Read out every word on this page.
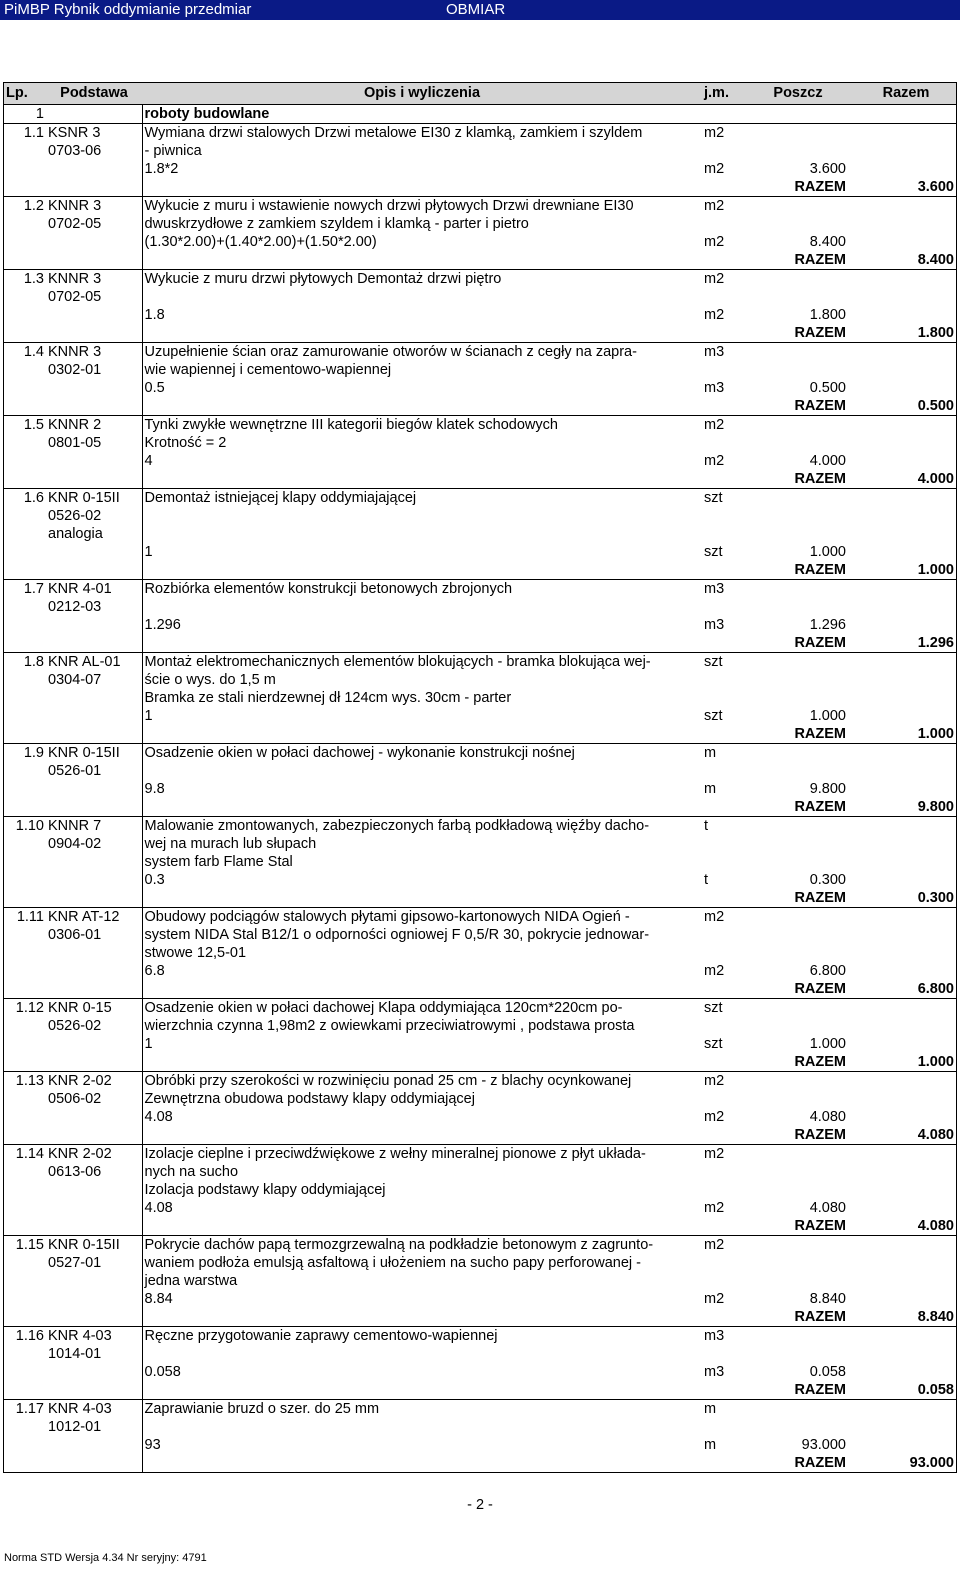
PiMBP Rybnik oddymianie przedmiar	OBMIAR
Lp.	Podstawa	Opis i wyliczenia	j.m.	Poszcz		Razem
1		roboty budowlane				
1.1	KSNR 3	Wymiana drzwi stalowych Drzwi metalowe EI30 z klamką, zamkiem i szyldem	m2			
	0703-06	- piwnica				
		1.8*2	m2	3.600		
				RAZEM		3.600
1.2	KNNR 3	Wykucie z muru i wstawienie nowych drzwi płytowych Drzwi drewniane EI30	m2			
	0702-05	dwuskrzydłowe z zamkiem szyldem i klamką - parter i pietro				
		(1.30*2.00)+(1.40*2.00)+(1.50*2.00)	m2	8.400		
				RAZEM		8.400
1.3	KNNR 3	Wykucie z muru drzwi płytowych Demontaż drzwi piętro	m2			
	0702-05					
		1.8	m2	1.800		
				RAZEM		1.800
1.4	KNNR 3	Uzupełnienie ścian oraz zamurowanie otworów w ścianach z cegły na zapra-	m3			
	0302-01	wie wapiennej i cementowo-wapiennej				
		0.5	m3	0.500		
				RAZEM		0.500
1.5	KNNR 2	Tynki zwykłe wewnętrzne III kategorii biegów klatek schodowych	m2			
	0801-05	Krotność = 2				
		4	m2	4.000		
				RAZEM		4.000
1.6	KNR 0-15II	Demontaż istniejącej klapy oddymiajającej	szt			
	0526-02					
	analogia					
		1	szt	1.000		
				RAZEM		1.000
1.7	KNR 4-01	Rozbiórka elementów konstrukcji betonowych zbrojonych	m3			
	0212-03					
		1.296	m3	1.296		
				RAZEM		1.296
1.8	KNR AL-01	Montaż elektromechanicznych elementów blokujących - bramka blokująca wej-	szt			
	0304-07	ście o wys. do 1,5 m				
		Bramka ze stali nierdzewnej dł 124cm wys. 30cm - parter				
		1	szt	1.000		
				RAZEM		1.000
1.9	KNR 0-15II	Osadzenie okien w połaci dachowej - wykonanie konstrukcji nośnej	m			
	0526-01					
		9.8	m	9.800		
				RAZEM		9.800
1.10	KNNR 7	Malowanie zmontowanych, zabezpieczonych farbą podkładową więźby dacho-	t			
	0904-02	wej na murach lub słupach				
		system farb Flame Stal				
		0.3	t	0.300		
				RAZEM		0.300
1.11	KNR AT-12	Obudowy podciągów stalowych płytami gipsowo-kartonowych NIDA Ogień -	m2			
	0306-01	system NIDA Stal B12/1 o odporności ogniowej F 0,5/R 30, pokrycie jednowar-				
		stwowe 12,5-01				
		6.8	m2	6.800		
				RAZEM		6.800
1.12	KNR 0-15	Osadzenie okien w połaci dachowej Klapa oddymiająca 120cm*220cm po-	szt			
	0526-02	wierzchnia czynna 1,98m2 z owiewkami przeciwiatrowymi , podstawa prosta				
		1	szt	1.000		
				RAZEM		1.000
1.13	KNR 2-02	Obróbki przy szerokości w rozwinięciu ponad 25 cm - z blachy ocynkowanej	m2			
	0506-02	Zewnętrzna obudowa podstawy klapy oddymiającej				
		4.08	m2	4.080		
				RAZEM		4.080
1.14	KNR 2-02	Izolacje cieplne i przeciwdźwiękowe z wełny mineralnej pionowe z płyt układa-	m2			
	0613-06	nych na sucho				
		Izolacja podstawy klapy oddymiającej				
		4.08	m2	4.080		
				RAZEM		4.080
1.15	KNR 0-15II	Pokrycie dachów papą termozgrzewalną na podkładzie betonowym z zagrunto-	m2			
	0527-01	waniem podłoża emulsją asfaltową i ułożeniem na sucho papy perforowanej -				
		jedna warstwa				
		8.84	m2	8.840		
				RAZEM		8.840
1.16	KNR 4-03	Ręczne przygotowanie zaprawy cementowo-wapiennej	m3			
	1014-01					
		0.058	m3	0.058		
				RAZEM		0.058
1.17	KNR 4-03	Zaprawianie bruzd o szer. do 25 mm	m			
	1012-01					
		93	m	93.000		
				RAZEM		93.000
- 2 -
Norma STD Wersja 4.34 Nr seryjny: 4791
